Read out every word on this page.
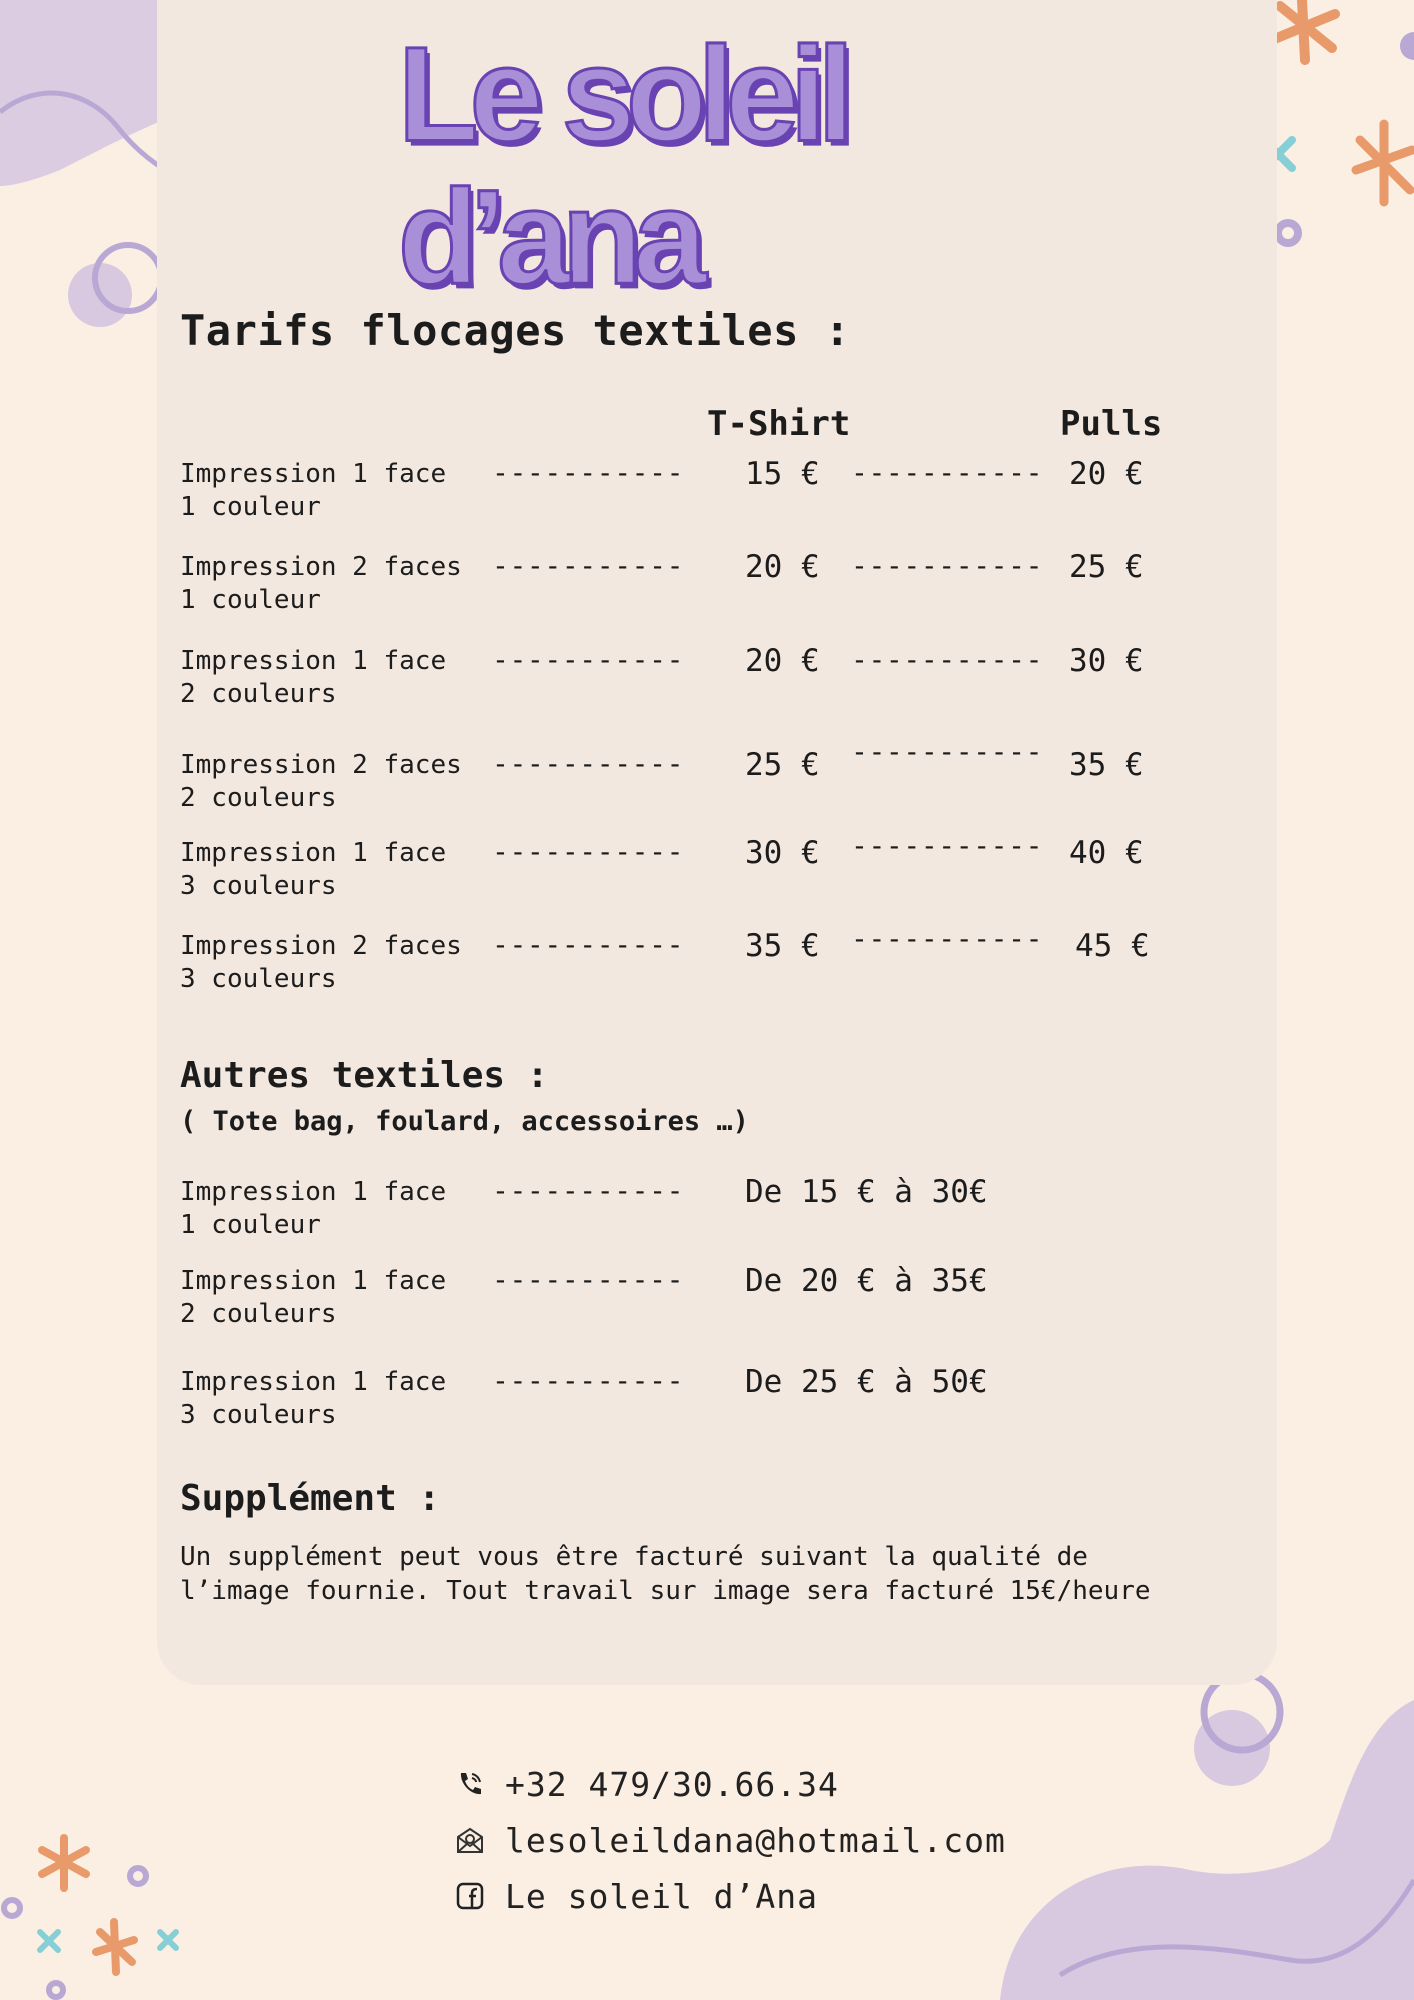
Le soleil d’ana
Tarifs flocages textiles :
T-Shirt	Pulls
Impression 1 face
1 couleur
----------- 15 € ----------- 20 €
Impression 2 faces
1 couleur
----------- 20 € ----------- 25 €
Impression 1 face
2 couleurs
----------- 20 € ----------- 30 €
Impression 2 faces
2 couleurs
----------- 25 € ----------- 35 €
Impression 1 face
3 couleurs
----------- 30 € ----------- 40 €
Impression 2 faces
3 couleurs
----------- 35 € ----------- 45 €
Autres textiles :
( Tote bag, foulard, accessoires …)
Impression 1 face
1 couleur
----------- De 15 € à 30€
Impression 1 face
2 couleurs
----------- De 20 € à 35€
Impression 1 face
3 couleurs
----------- De 25 € à 50€
Supplément :
Un supplément peut vous être facturé suivant la qualité de l’image fournie. Tout travail sur image sera facturé 15€/heure
+32 479/30.66.34
lesoleildana@hotmail.com
Le soleil d’Ana
